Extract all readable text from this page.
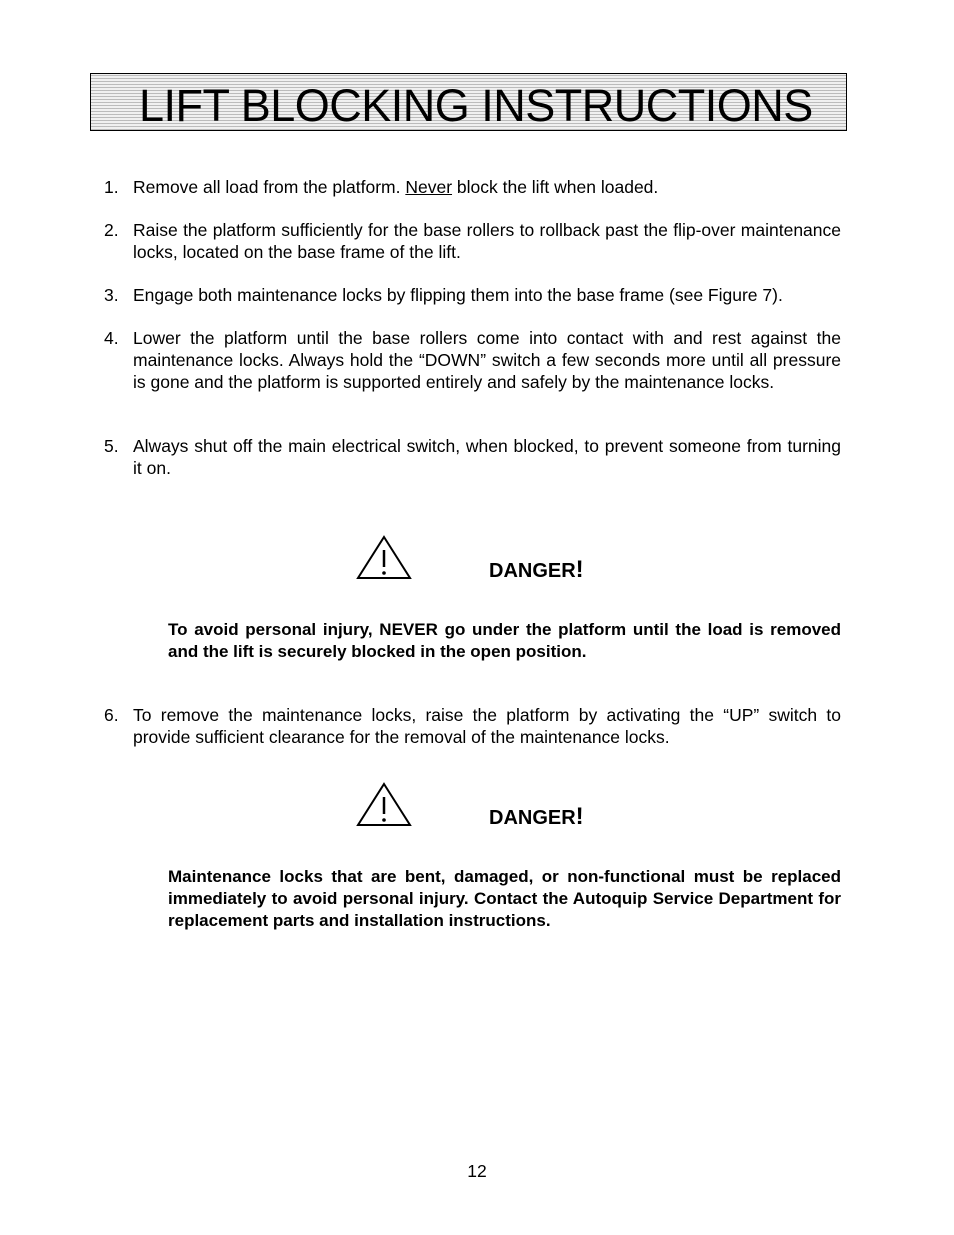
LIFT BLOCKING INSTRUCTIONS
1. Remove all load from the platform. Never block the lift when loaded.
2. Raise the platform sufficiently for the base rollers to rollback past the flip-over maintenance locks, located on the base frame of the lift.
3. Engage both maintenance locks by flipping them into the base frame (see Figure 7).
4. Lower the platform until the base rollers come into contact with and rest against the maintenance locks. Always hold the “DOWN” switch a few seconds more until all pressure is gone and the platform is supported entirely and safely by the maintenance locks.
5. Always shut off the main electrical switch, when blocked, to prevent someone from turning it on.
DANGER!
To avoid personal injury, NEVER go under the platform until the load is removed and the lift is securely blocked in the open position.
6. To remove the maintenance locks, raise the platform by activating the “UP” switch to provide sufficient clearance for the removal of the maintenance locks.
DANGER!
Maintenance locks that are bent, damaged, or non-functional must be replaced immediately to avoid personal injury. Contact the Autoquip Service Department for replacement parts and installation instructions.
12
